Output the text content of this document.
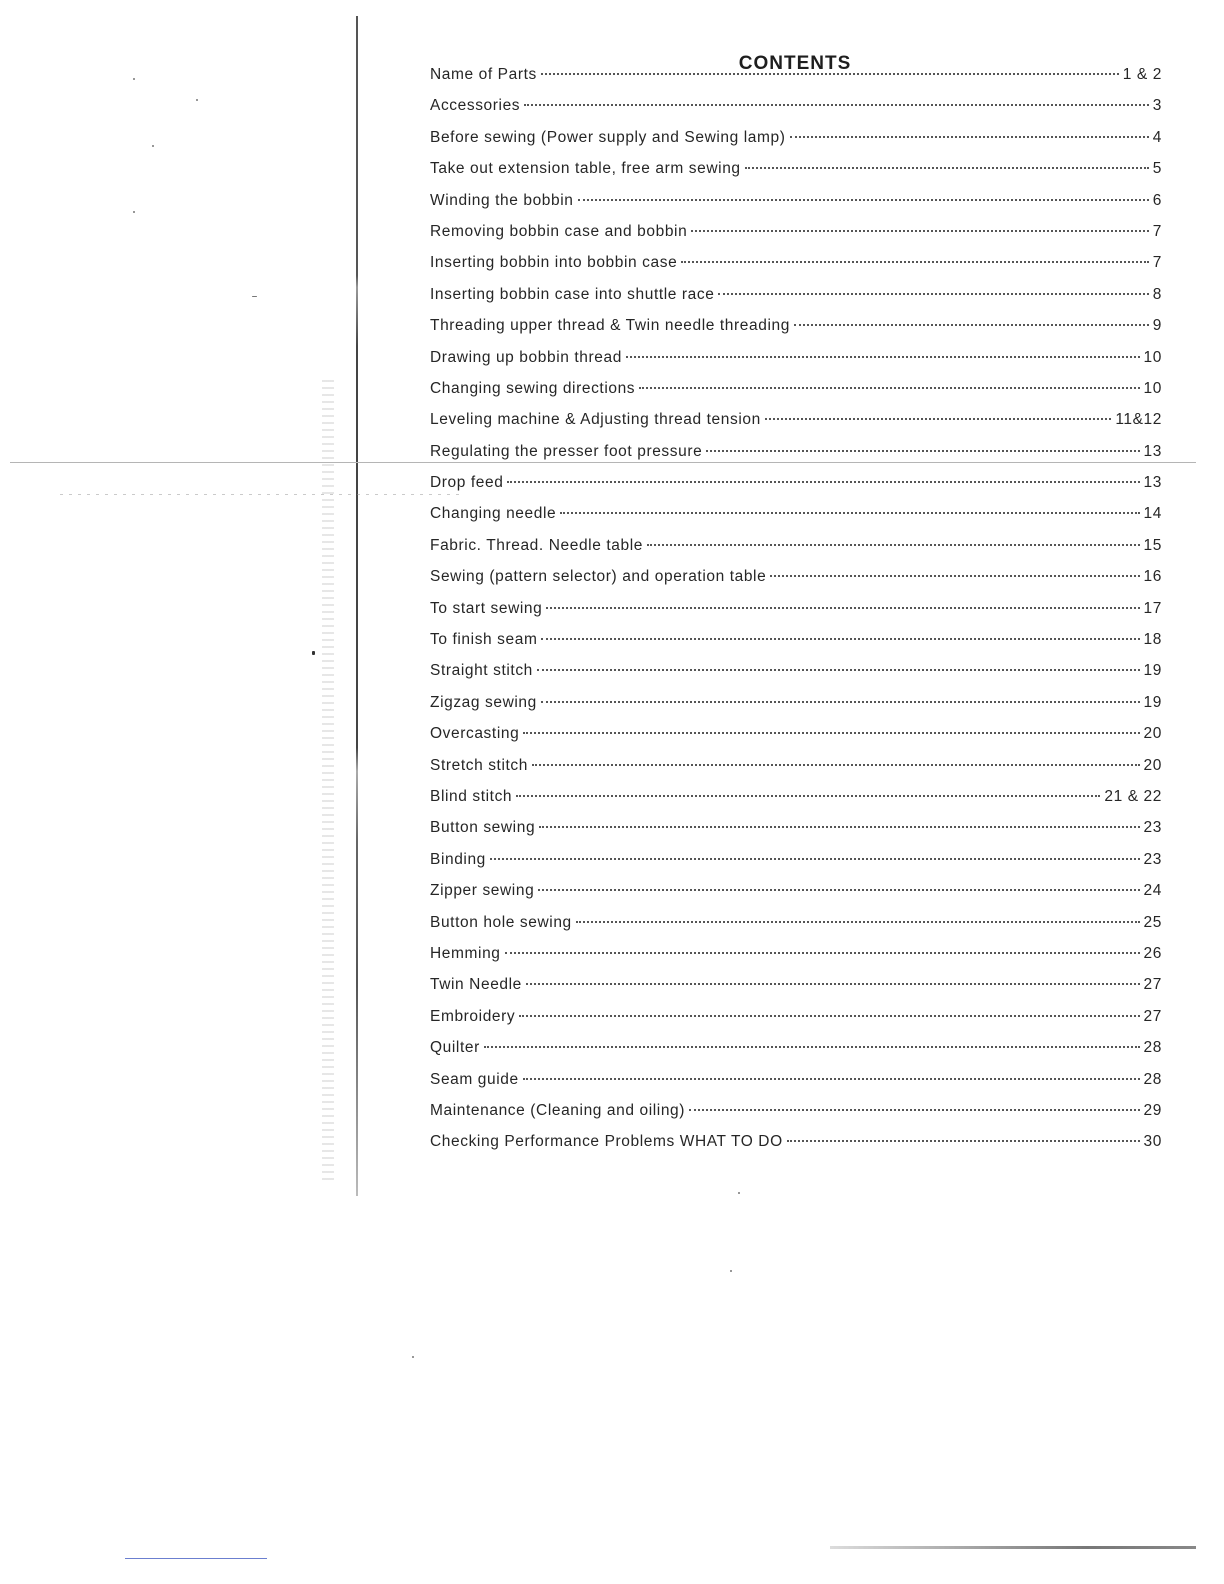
CONTENTS
Name of Parts	1 & 2
Accessories	3
Before sewing (Power supply and Sewing lamp)	4
Take out extension table, free arm sewing	5
Winding the bobbin	6
Removing bobbin case and bobbin	7
Inserting bobbin into bobbin case	7
Inserting bobbin case into shuttle race	8
Threading upper thread & Twin needle threading	9
Drawing up bobbin thread	10
Changing sewing directions	10
Leveling machine & Adjusting thread tension	11&12
Regulating the presser foot pressure	13
Drop feed	13
Changing needle	14
Fabric. Thread. Needle table	15
Sewing (pattern selector) and operation table	16
To start sewing	17
To finish seam	18
Straight stitch	19
Zigzag sewing	19
Overcasting	20
Stretch stitch	20
Blind stitch	21 & 22
Button sewing	23
Binding	23
Zipper sewing	24
Button hole sewing	25
Hemming	26
Twin Needle	27
Embroidery	27
Quilter	28
Seam guide	28
Maintenance (Cleaning and oiling)	29
Checking Performance Problems WHAT TO DO	30
